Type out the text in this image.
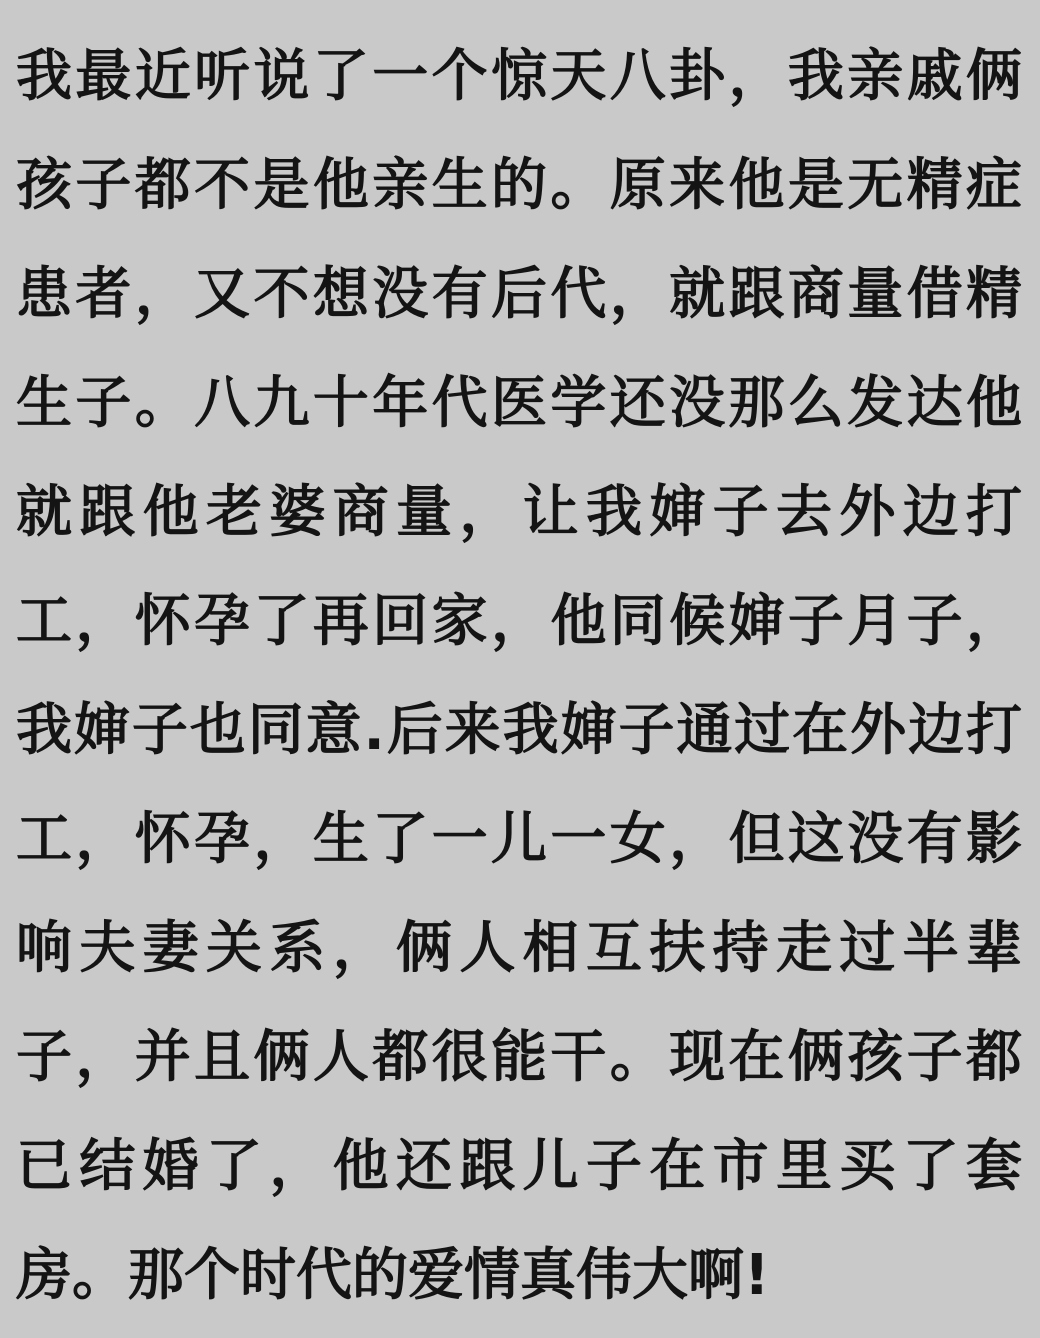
我最近听说了一个惊天八卦，我亲戚俩孩子都不是他亲生的。原来他是无精症患者，又不想没有后代，就跟商量借精生子。八九十年代医学还没那么发达他就跟他老婆商量，让我婶子去外边打工，怀孕了再回家，他同候婶子月子，我婶子也同意.后来我婶子通过在外边打工，怀孕，生了一儿一女，但这没有影响夫妻关系，俩人相互扶持走过半辈子，并且俩人都很能干。现在俩孩子都已结婚了，他还跟儿子在市里买了套房。那个时代的爱情真伟大啊!
